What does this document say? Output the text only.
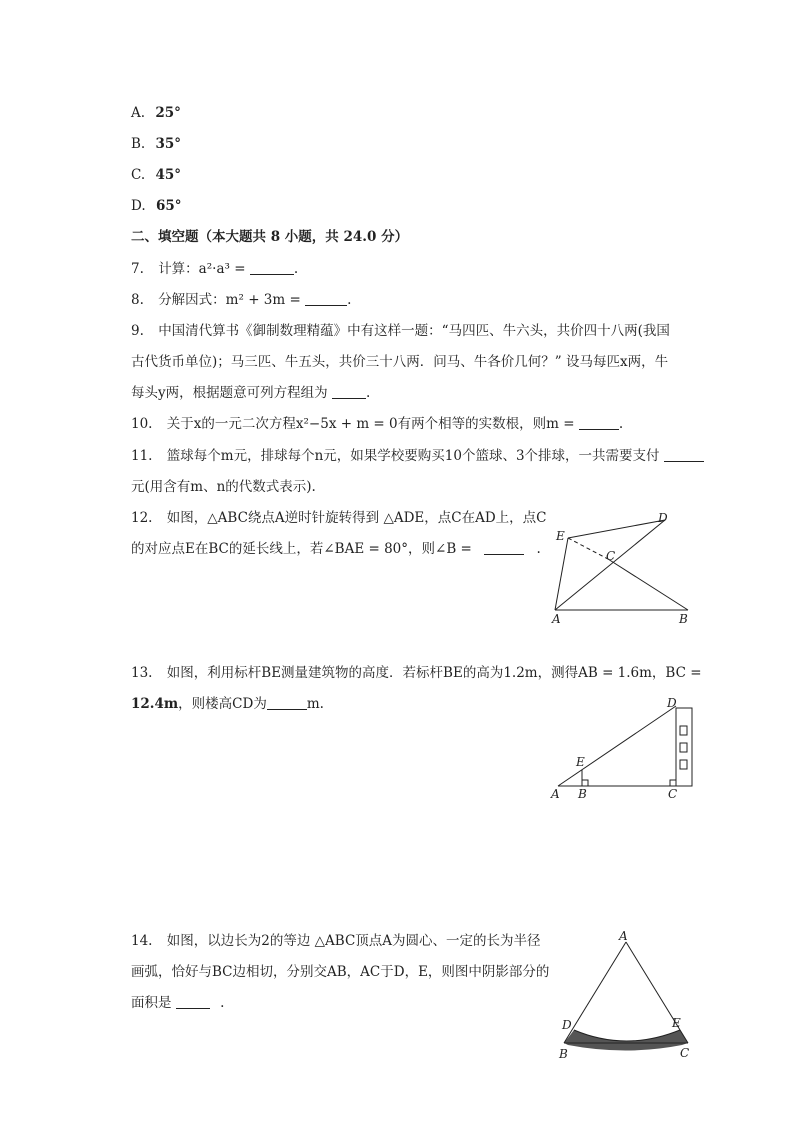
A. 25°
B. 35°
C. 45°
D. 65°
二、填空题（本大题共 8 小题，共 24.0 分）
7. 计算：a²·a³ =	.
8. 分解因式：m² + 3m =	.
9. 中国清代算书《御制数理精蕴》中有这样一题：“马四匹、牛六头，共价四十八两(我国
古代货币单位)；马三匹、牛五头，共价三十八两．问马、牛各价几何？” 设马每匹x两，牛
每头y两，根据题意可列方程组为	.
10. 关于x的一元二次方程x²−5x + m = 0有两个相等的实数根，则m =	.
11. 篮球每个m元，排球每个n元，如果学校要购买10个篮球、3个排球，一共需要支付
元(用含有m、n的代数式表示).
12. 如图，△ABC绕点A逆时针旋转得到 △ADE，点C在AD上，点C
的对应点E在BC的延长线上，若∠BAE = 80°，则∠B =	.
E
D
C
A	B
13. 如图，利用标杆BE测量建筑物的高度．若标杆BE的高为1.2m，测得AB = 1.6m，BC =
12.4m，则楼高CD为	m.	D
E
A B	C
14. 如图，以边长为2的等边 △ABC顶点A为圆心、一定的长为半径
画弧，恰好与BC边相切，分别交AB，AC于D，E，则图中阴影部分的
面积是	.
A
D	E
B	C
